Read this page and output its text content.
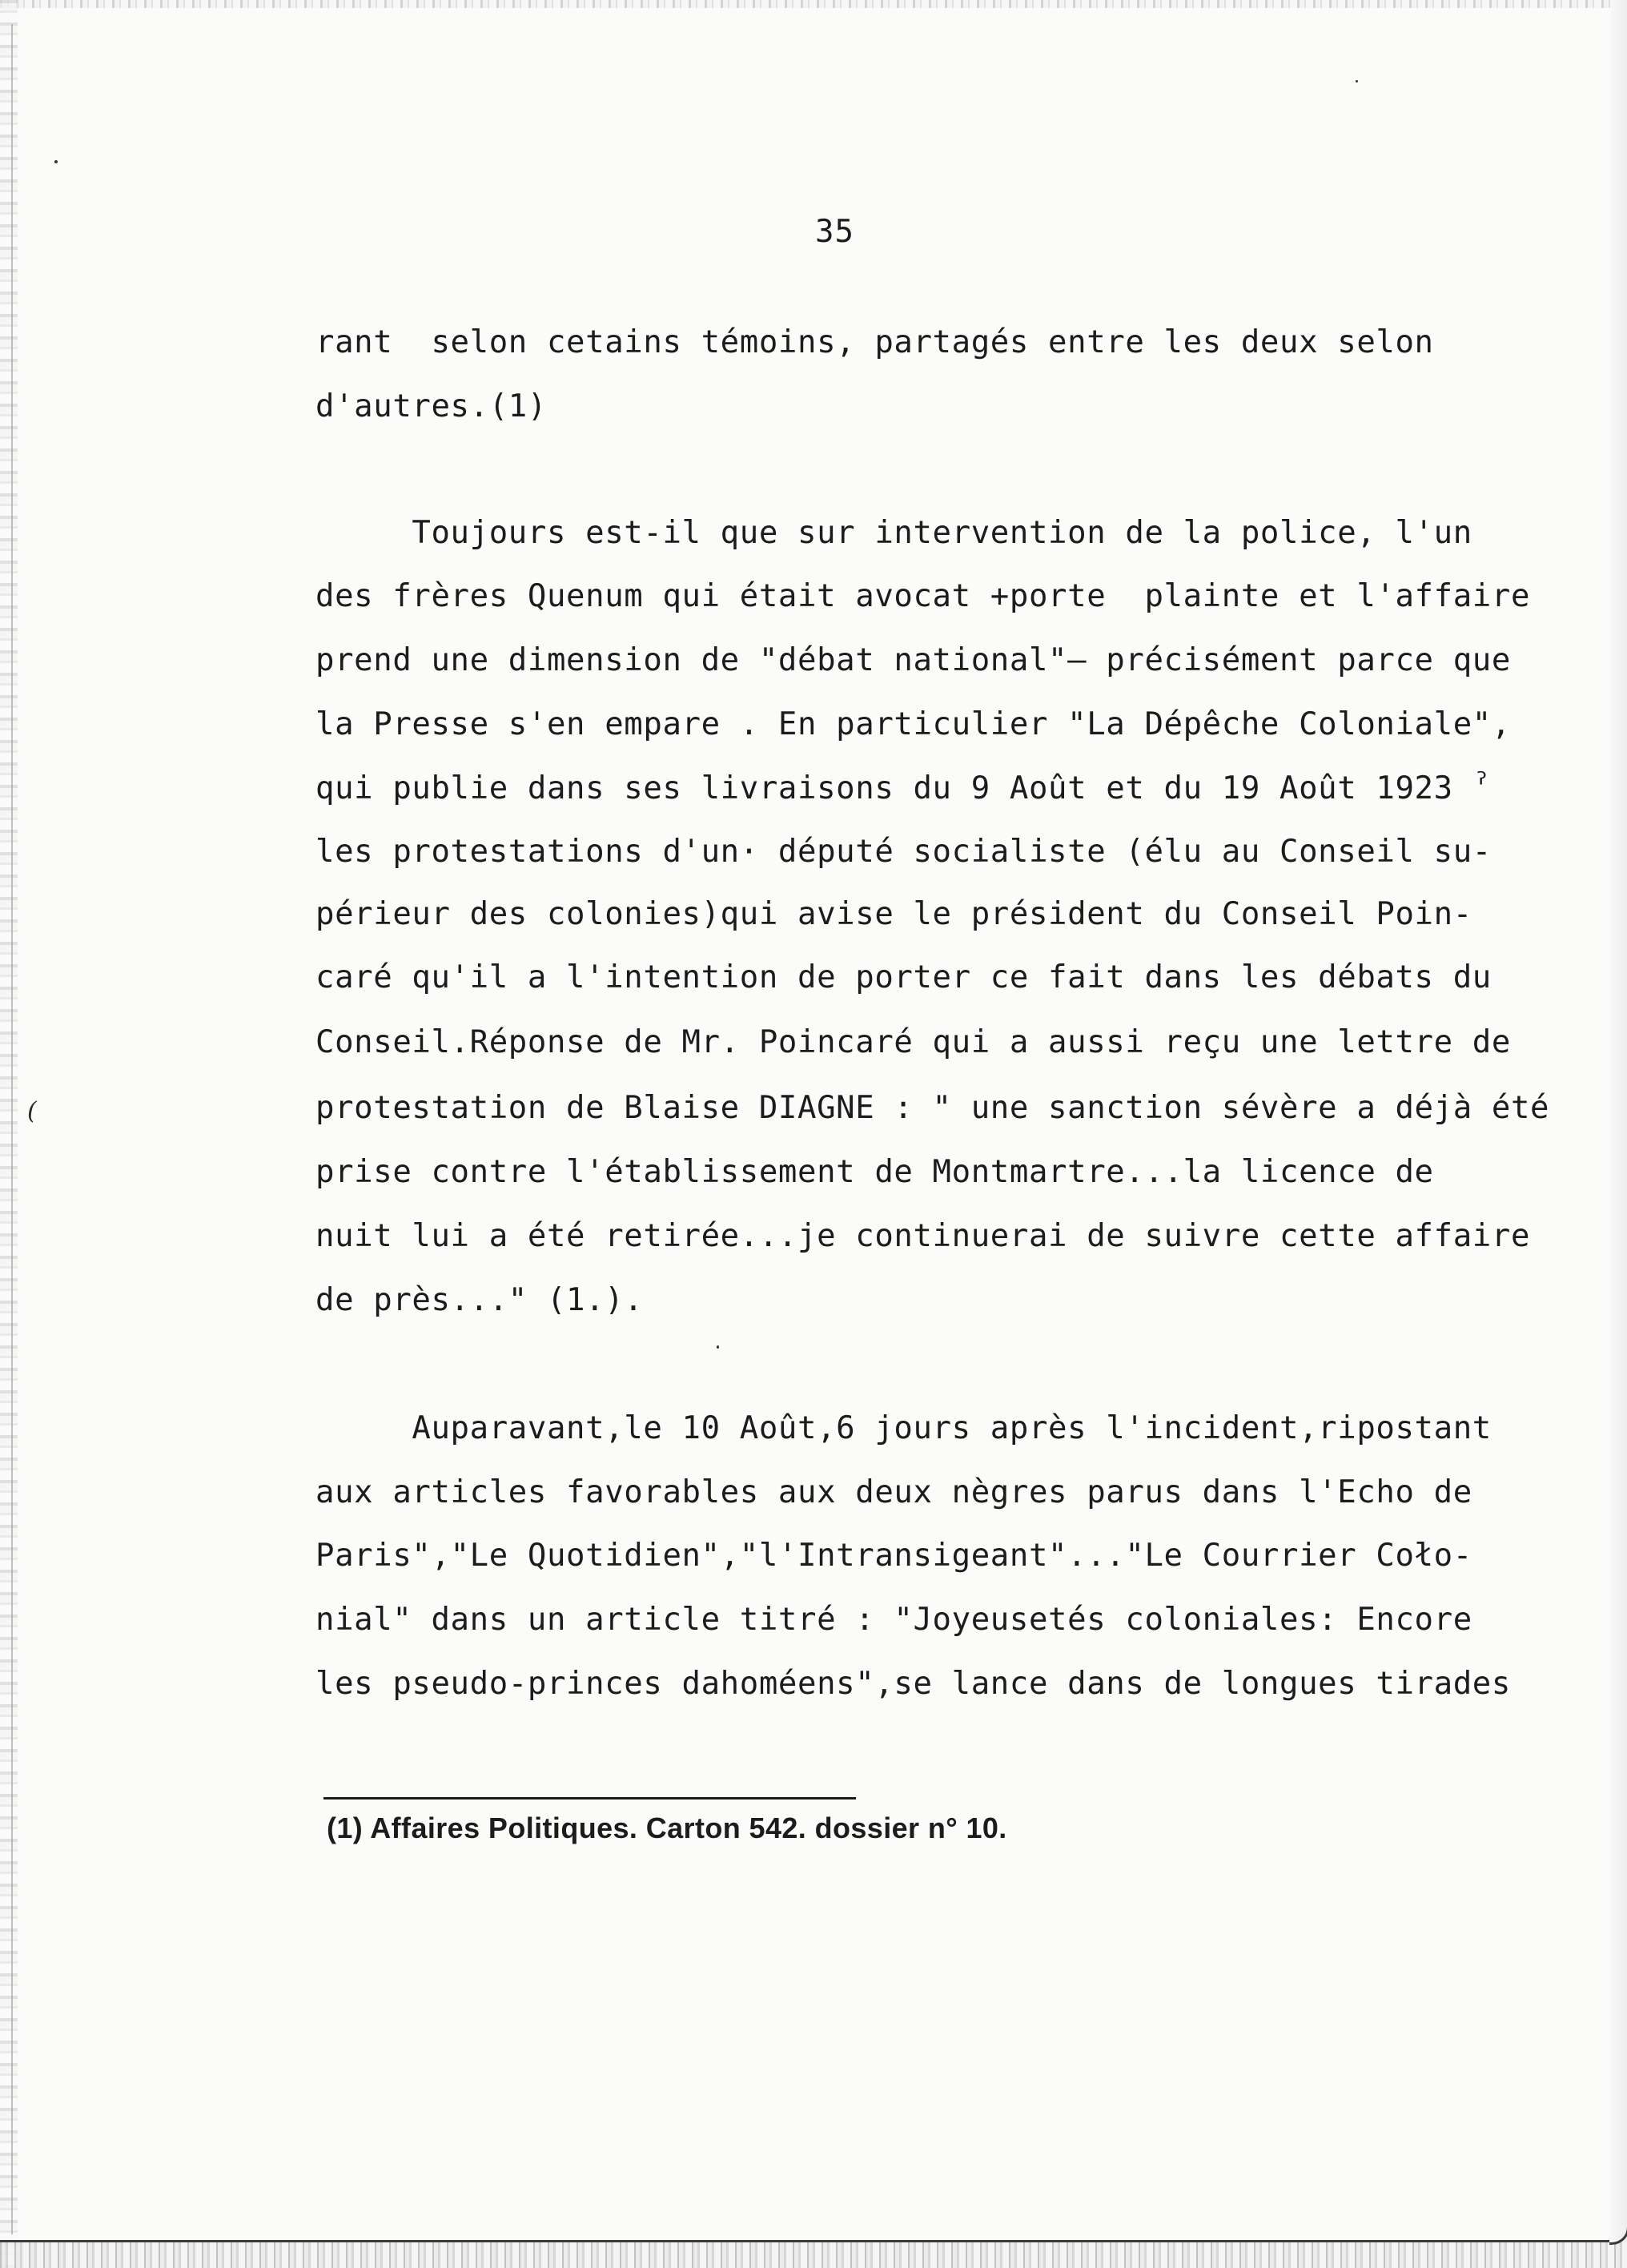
35
rant  selon cetains témoins, partagés entre les deux selon
d'autres.(1)
Toujours est-il que sur intervention de la police, l'un
des frères Quenum qui était avocat +porte  plainte et l'affaire
prend une dimension de "débat national"— précisément parce que
la Presse s'en empare . En particulier "La Dépêche Coloniale",
qui publie dans ses livraisons du 9 Août et du 19 Août 1923 ˀ
les protestations d'un· député socialiste (élu au Conseil su-
périeur des colonies)qui avise le président du Conseil Poin-
caré qu'il a l'intention de porter ce fait dans les débats du
Conseil.Réponse de Mr. Poincaré qui a aussi reçu une lettre de
protestation de Blaise DIAGNE : " une sanction sévère a déjà été
prise contre l'établissement de Montmartre...la licence de
nuit lui a été retirée...je continuerai de suivre cette affaire
de près..." (1.).
Auparavant,le 10 Août,6 jours après l'incident,ripostant
aux articles favorables aux deux nègres parus dans l'Echo de
Paris","Le Quotidien","l'Intransigeant"..."Le Courrier Coło-
nial" dans un article titré : "Joyeusetés coloniales: Encore
les pseudo-princes dahoméens",se lance dans de longues tirades
(
(1) Affaires Politiques. Carton 542. dossier n° 10.
